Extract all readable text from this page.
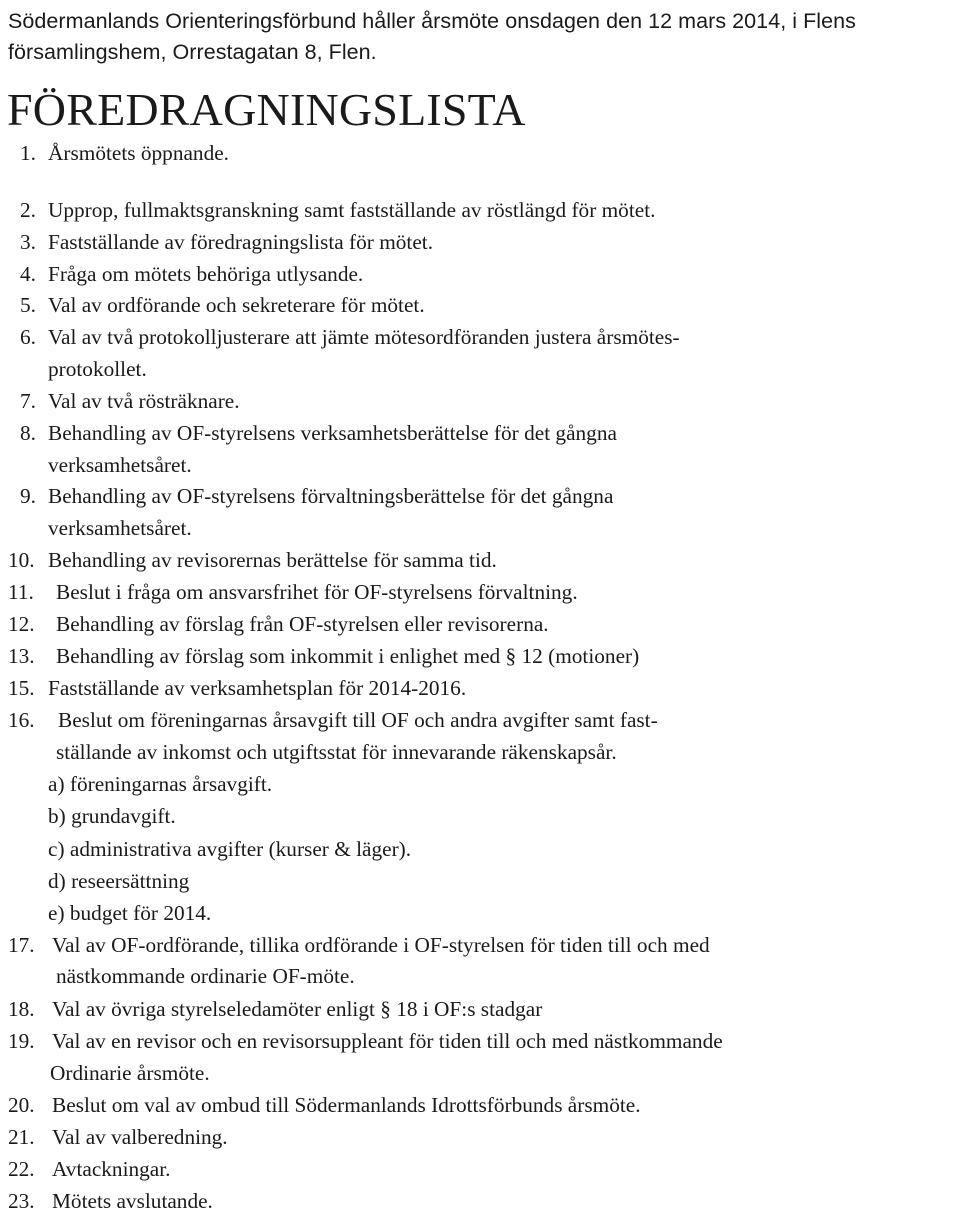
Södermanlands Orienteringsförbund håller årsmöte onsdagen den 12 mars 2014, i Flens församlingshem, Orrestagatan 8, Flen.

FÖREDRAGNINGSLISTA
1. Årsmötets öppnande.
2. Upprop, fullmaktsgranskning samt fastställande av röstlängd för mötet.
3. Fastställande av föredragningslista för mötet.
4. Fråga om mötets behöriga utlysande.
5. Val av ordförande och sekreterare för mötet.
6. Val av två protokolljusterare att jämte mötesordföranden justera årsmötes-
protokollet.
7. Val av två rösträknare.
8. Behandling av OF-styrelsens verksamhetsberättelse för det gångna
verksamhetsåret.
9. Behandling av OF-styrelsens förvaltningsberättelse för det gångna
verksamhetsåret.
10. Behandling av revisorernas berättelse för samma tid.
11. Beslut i fråga om ansvarsfrihet för OF-styrelsens förvaltning.
12. Behandling av förslag från OF-styrelsen eller revisorerna.
13. Behandling av förslag som inkommit i enlighet med § 12 (motioner)
15. Fastställande av verksamhetsplan för 2014-2016.
16. Beslut om föreningarnas årsavgift till OF och andra avgifter samt fast-
ställande av inkomst och utgiftsstat för innevarande räkenskapsår.
a) föreningarnas årsavgift.
b) grundavgift.
c) administrativa avgifter (kurser & läger).
d) reseersättning
e) budget för 2014.
17. Val av OF-ordförande, tillika ordförande i OF-styrelsen för tiden till och med
nästkommande ordinarie OF-möte.
18. Val av övriga styrelseledamöter enligt § 18 i OF:s stadgar
19. Val av en revisor och en revisorsuppleant för tiden till och med nästkommande
Ordinarie årsmöte.
20. Beslut om val av ombud till Södermanlands Idrottsförbunds årsmöte.
21. Val av valberedning.
22. Avtackningar.
23. Mötets avslutande.
